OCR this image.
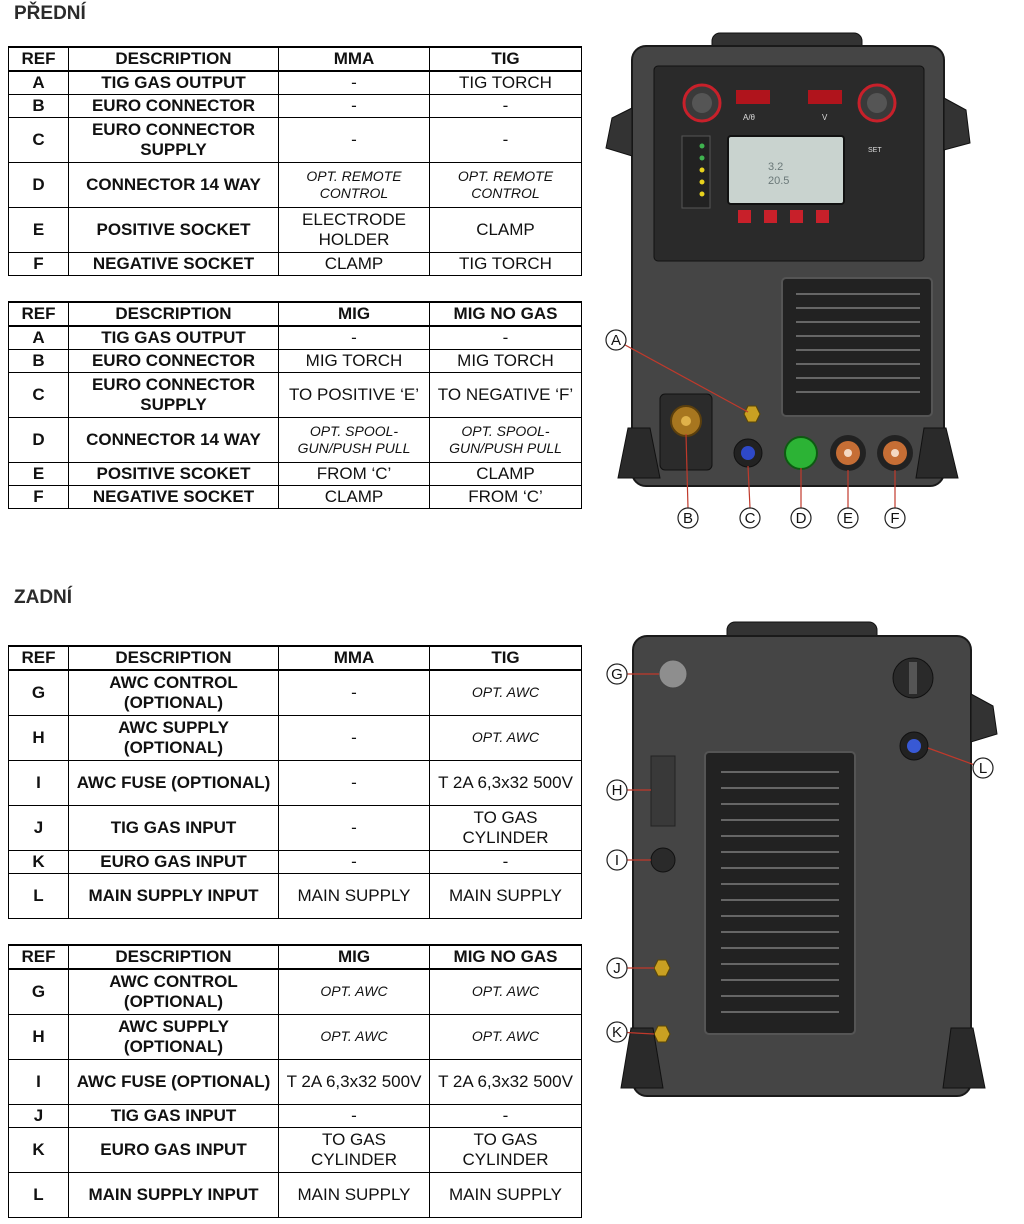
PŘEDNÍ
REF	DESCRIPTION	MMA	TIG
A	TIG GAS OUTPUT	-	TIG TORCH
B	EURO CONNECTOR	-	-
C	EURO CONNECTOR SUPPLY	-	-
D	CONNECTOR 14 WAY	OPT. REMOTE CONTROL	OPT. REMOTE CONTROL
E	POSITIVE SOCKET	ELECTRODE HOLDER	CLAMP
F	NEGATIVE SOCKET	CLAMP	TIG TORCH
REF	DESCRIPTION	MIG	MIG NO GAS
A	TIG GAS OUTPUT	-	-
B	EURO CONNECTOR	MIG TORCH	MIG TORCH
C	EURO CONNECTOR SUPPLY	TO POSITIVE ‘E’	TO NEGATIVE ‘F’
D	CONNECTOR 14 WAY	OPT. SPOOL-GUN/PUSH PULL	OPT. SPOOL-GUN/PUSH PULL
E	POSITIVE SCOKET	FROM ‘C’	CLAMP
F	NEGATIVE SOCKET	CLAMP	FROM ‘C’
ZADNÍ
REF	DESCRIPTION	MMA	TIG
G	AWC CONTROL (OPTIONAL)	-	OPT. AWC
H	AWC SUPPLY (OPTIONAL)	-	OPT. AWC
I	AWC FUSE (OPTIONAL)	-	T 2A 6,3x32 500V
J	TIG GAS INPUT	-	TO GAS CYLINDER
K	EURO GAS INPUT	-	-
L	MAIN SUPPLY INPUT	MAIN SUPPLY	MAIN SUPPLY
REF	DESCRIPTION	MIG	MIG NO GAS
G	AWC CONTROL (OPTIONAL)	OPT. AWC	OPT. AWC
H	AWC SUPPLY (OPTIONAL)	OPT. AWC	OPT. AWC
I	AWC FUSE (OPTIONAL)	T 2A 6,3x32 500V	T 2A 6,3x32 500V
J	TIG GAS INPUT	-	-
K	EURO GAS INPUT	TO GAS CYLINDER	TO GAS CYLINDER
L	MAIN SUPPLY INPUT	MAIN SUPPLY	MAIN SUPPLY
A/θ	V
SET
3.2
20.5
A
B	C	D E F
G
H
I
J
K
L
